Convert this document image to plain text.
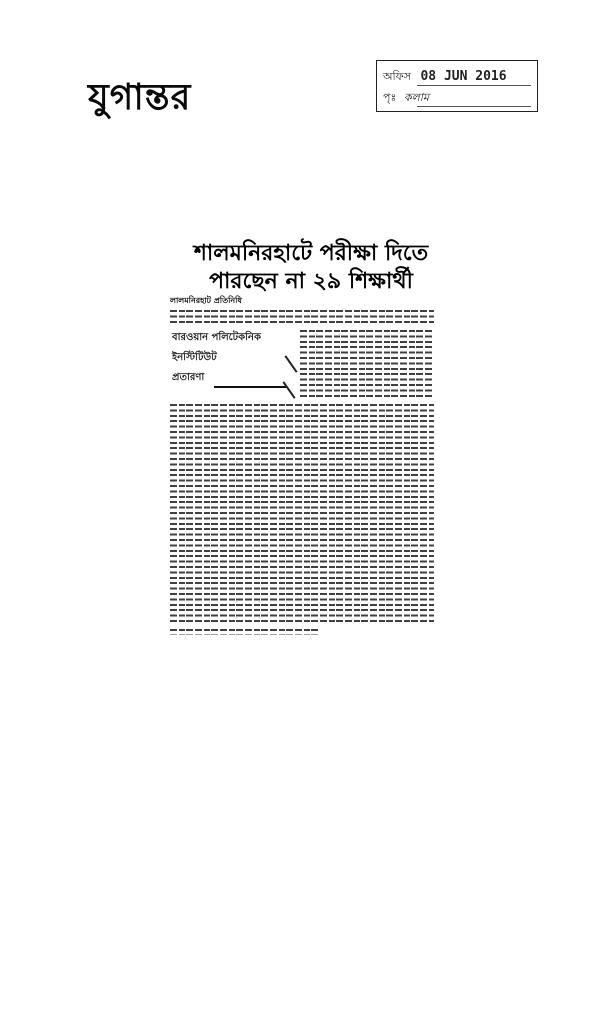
যুগান্তর
অফিস 08 JUN 2016
পৃঃ কলাম
শালমনিরহাটে পরীক্ষা দিতে
পারছেন না ২৯ শিক্ষার্থী
লালমনিরহাট প্রতিনিধি
বারওয়ান পলিটেকনিক
ইনস্টিটিউট
প্রতারণা
